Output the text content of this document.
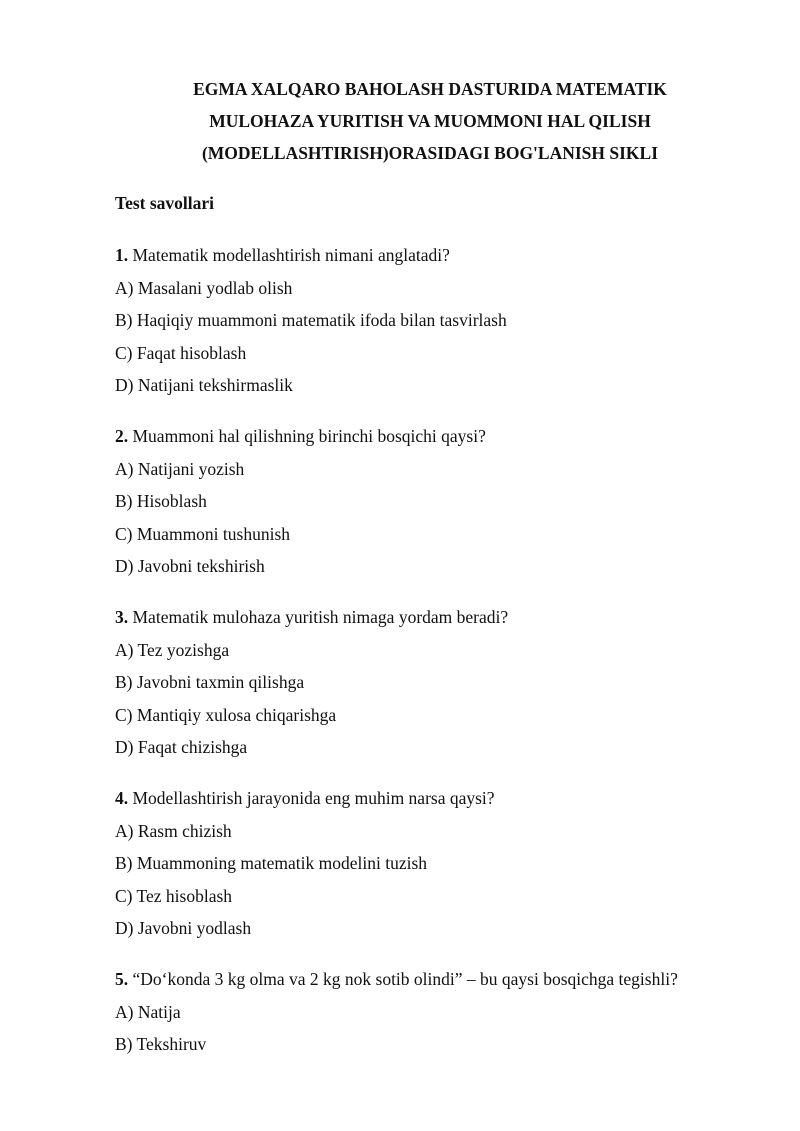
EGMA XALQARO BAHOLASH DASTURIDA MATEMATIK
MULOHAZA YURITISH VA MUOMMONI HAL QILISH
(MODELLASHTIRISH)ORASIDAGI BOG'LANISH SIKLI
Test savollari
1. Matematik modellashtirish nimani anglatadi?
A) Masalani yodlab olish
B) Haqiqiy muammoni matematik ifoda bilan tasvirlash
C) Faqat hisoblash
D) Natijani tekshirmaslik
2. Muammoni hal qilishning birinchi bosqichi qaysi?
A) Natijani yozish
B) Hisoblash
C) Muammoni tushunish
D) Javobni tekshirish
3. Matematik mulohaza yuritish nimaga yordam beradi?
A) Tez yozishga
B) Javobni taxmin qilishga
C) Mantiqiy xulosa chiqarishga
D) Faqat chizishga
4. Modellashtirish jarayonida eng muhim narsa qaysi?
A) Rasm chizish
B) Muammoning matematik modelini tuzish
C) Tez hisoblash
D) Javobni yodlash
5. “Do‘konda 3 kg olma va 2 kg nok sotib olindi” – bu qaysi bosqichga tegishli?
A) Natija
B) Tekshiruv
